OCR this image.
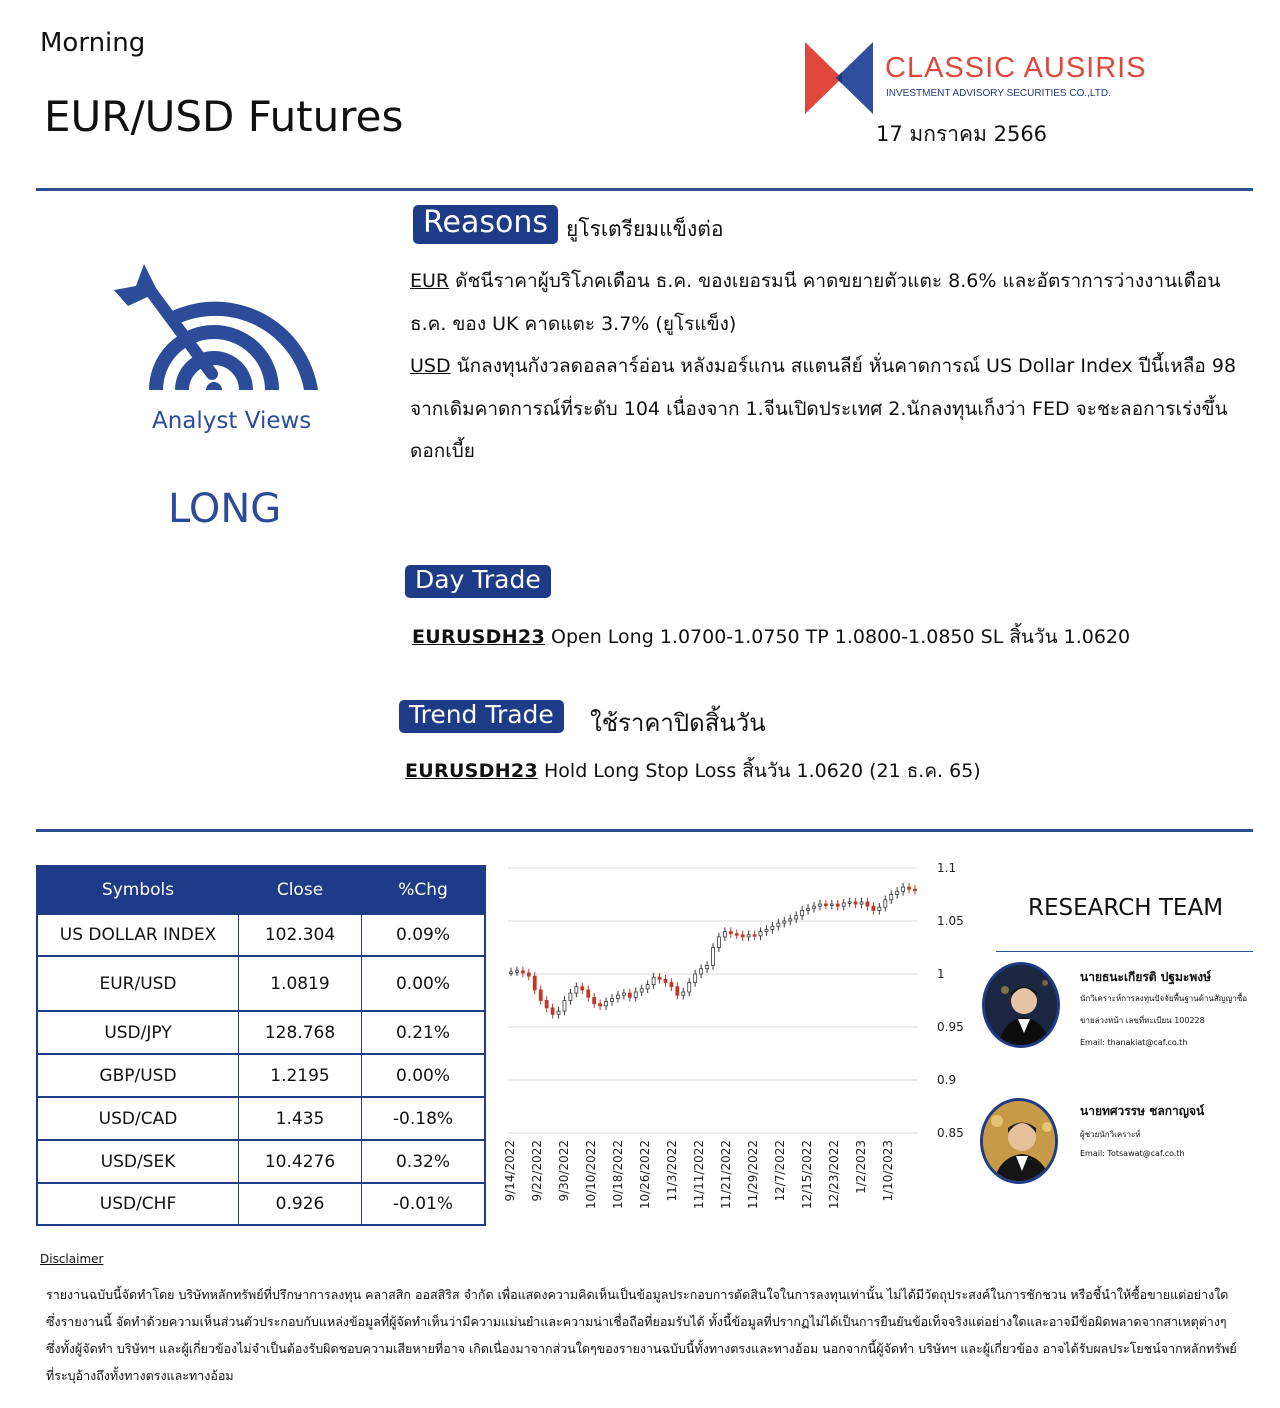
Morning
EUR/USD Futures
CLASSIC AUSIRIS
INVESTMENT ADVISORY SECURITIES CO.,LTD.
17 มกราคม 2566
Analyst Views
LONG
Reasons ยูโรเตรียมแข็งต่อ

EUR ดัชนีราคาผู้บริโภคเดือน ธ.ค. ของเยอรมนี คาดขยายตัวแตะ 8.6% และอัตราการว่างงานเดือน ธ.ค. ของ UK คาดแตะ 3.7% (ยูโรแข็ง)

USD นักลงทุนกังวลดอลลาร์อ่อน หลังมอร์แกน สแตนลีย์ หั่นคาดการณ์ US Dollar Index ปีนี้เหลือ 98 จากเดิมคาดการณ์ที่ระดับ 104 เนื่องจาก 1.จีนเปิดประเทศ 2.นักลงทุนเก็งว่า FED จะชะลอการเร่งขึ้นดอกเบี้ย

Day Trade
EURUSDH23 Open Long 1.0700-1.0750 TP 1.0800-1.0850 SL สิ้นวัน 1.0620
Trend Trade	ใช้ราคาปิดสิ้นวัน
EURUSDH23 Hold Long Stop Loss สิ้นวัน 1.0620 (21 ธ.ค. 65)
Symbols	Close	%Chg
US DOLLAR INDEX	102.304	0.09%
EUR/USD	1.0819	0.00%
USD/JPY	128.768	0.21%
GBP/USD	1.2195	0.00%
USD/CAD	1.435	-0.18%
USD/SEK	10.4276	0.32%
USD/CHF	0.926	-0.01%
1.1
1.05
1
0.95
0.9
0.85
9/14/2022 9/22/2022 9/30/2022 10/10/2022 10/18/2022 10/26/2022 11/3/2022 11/11/2022 11/21/2022 11/29/2022 12/7/2022 12/15/2022 12/23/2022 1/2/2023 1/10/2023
RESEARCH TEAM
นายธนะเกียรติ ปฐมะพงษ์
นักวิเคราะห์การลงทุนปัจจัยพื้นฐานด้านสัญญาซื้อ
ขายล่วงหน้า เลขที่ทะเบียน 100228
Email: thanakiat@caf.co.th
นายทศวรรษ ชลกาญจน์
ผู้ช่วยนักวิเคราะห์
Email: Totsawat@caf.co.th
Disclaimer
รายงานฉบับนี้จัดทำโดย บริษัทหลักทรัพย์ที่ปรึกษาการลงทุน คลาสสิก ออสสิริส จำกัด เพื่อแสดงความคิดเห็นเป็นข้อมูลประกอบการตัดสินใจในการลงทุนเท่านั้น ไม่ได้มีวัตถุประสงค์ในการชักชวน หรือชี้นำให้ซื้อขายแต่อย่างใด ซึ่งรายงานนี้ จัดทำด้วยความเห็นส่วนตัวประกอบกับแหล่งข้อมูลที่ผู้จัดทำเห็นว่ามีความแม่นยำและความน่าเชื่อถือที่ยอมรับได้ ทั้งนี้ข้อมูลที่ปรากฏไม่ได้เป็นการยืนยันข้อเท็จจริงแต่อย่างใดและอาจมีข้อผิดพลาดจากสาเหตุต่างๆ ซึ่งทั้งผู้จัดทำ บริษัทฯ และผู้เกี่ยวข้องไม่จำเป็นต้องรับผิดชอบความเสียหายที่อาจ เกิดเนื่องมาจากส่วนใดๆของรายงานฉบับนี้ทั้งทางตรงและทางอ้อม นอกจากนี้ผู้จัดทำ บริษัทฯ และผู้เกี่ยวข้อง อาจได้รับผลประโยชน์จากหลักทรัพย์ที่ระบุอ้างถึงทั้งทางตรงและทางอ้อม
